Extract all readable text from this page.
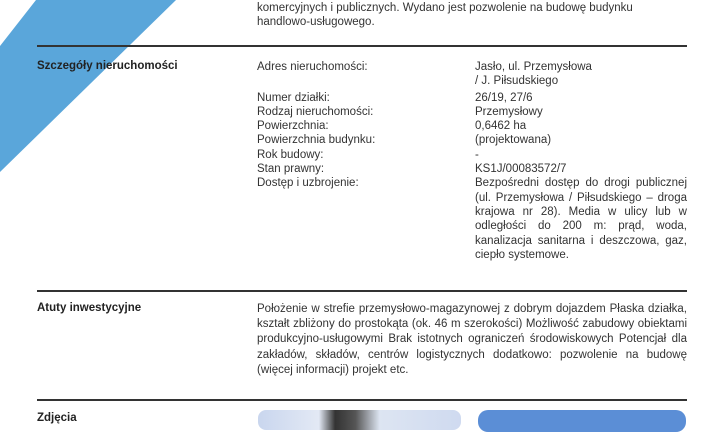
komercyjnych i publicznych. Wydano jest pozwolenie na budowę budynku
handlowo-usługowego.
Szczegóły nieruchomości	Adres nieruchomości:	Jasło, ul. Przemysłowa / J. Piłsudskiego
Numer działki:	26/19, 27/6
Rodzaj nieruchomości:	Przemysłowy
Powierzchnia:	0,6462 ha
Powierzchnia budynku:	(projektowana)
Rok budowy:	-
Stan prawny:	KS1J/00083572/7
Dostęp i uzbrojenie:	Bezpośredni dostęp do drogi publicznej (ul. Przemysłowa / Piłsudskiego – droga krajowa nr 28). Media w ulicy lub w odległości do 200 m: prąd, woda, kanalizacja sanitarna i deszczowa, gaz, ciepło systemowe.
Atuty inwestycyjne	Położenie w strefie przemysłowo-magazynowej z dobrym dojazdem Płaska działka, kształt zbliżony do prostokąta (ok. 46 m szerokości) Możliwość zabudowy obiektami produkcyjno-usługowymi Brak istotnych ograniczeń środowiskowych Potencjał dla zakładów, składów, centrów logistycznych dodatkowo: pozwolenie na budowę (więcej informacji) projekt etc.
Zdjęcia
